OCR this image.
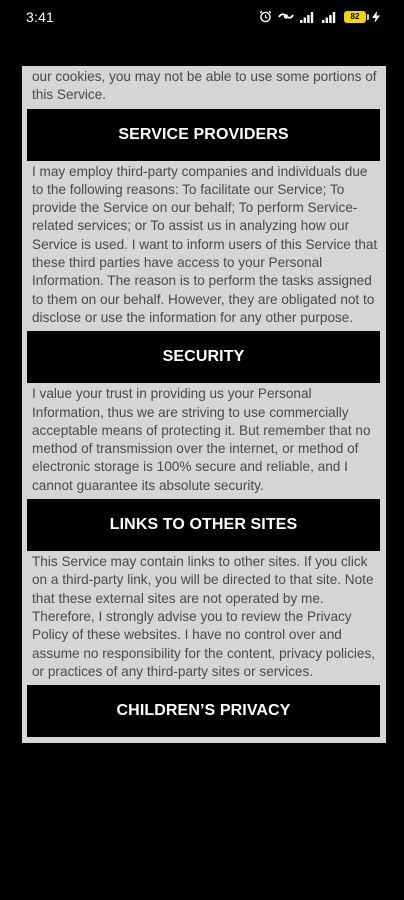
3:41	82
our cookies, you may not be able to use some portions of this Service.
SERVICE PROVIDERS
I may employ third-party companies and individuals due to the following reasons: To facilitate our Service; To provide the Service on our behalf; To perform Service-related services; or To assist us in analyzing how our Service is used. I want to inform users of this Service that these third parties have access to your Personal Information. The reason is to perform the tasks assigned to them on our behalf. However, they are obligated not to disclose or use the information for any other purpose.
SECURITY
I value your trust in providing us your Personal Information, thus we are striving to use commercially acceptable means of protecting it. But remember that no method of transmission over the internet, or method of electronic storage is 100% secure and reliable, and I cannot guarantee its absolute security.
LINKS TO OTHER SITES
This Service may contain links to other sites. If you click on a third-party link, you will be directed to that site. Note that these external sites are not operated by me. Therefore, I strongly advise you to review the Privacy Policy of these websites. I have no control over and assume no responsibility for the content, privacy policies, or practices of any third-party sites or services.
CHILDREN’S PRIVACY
